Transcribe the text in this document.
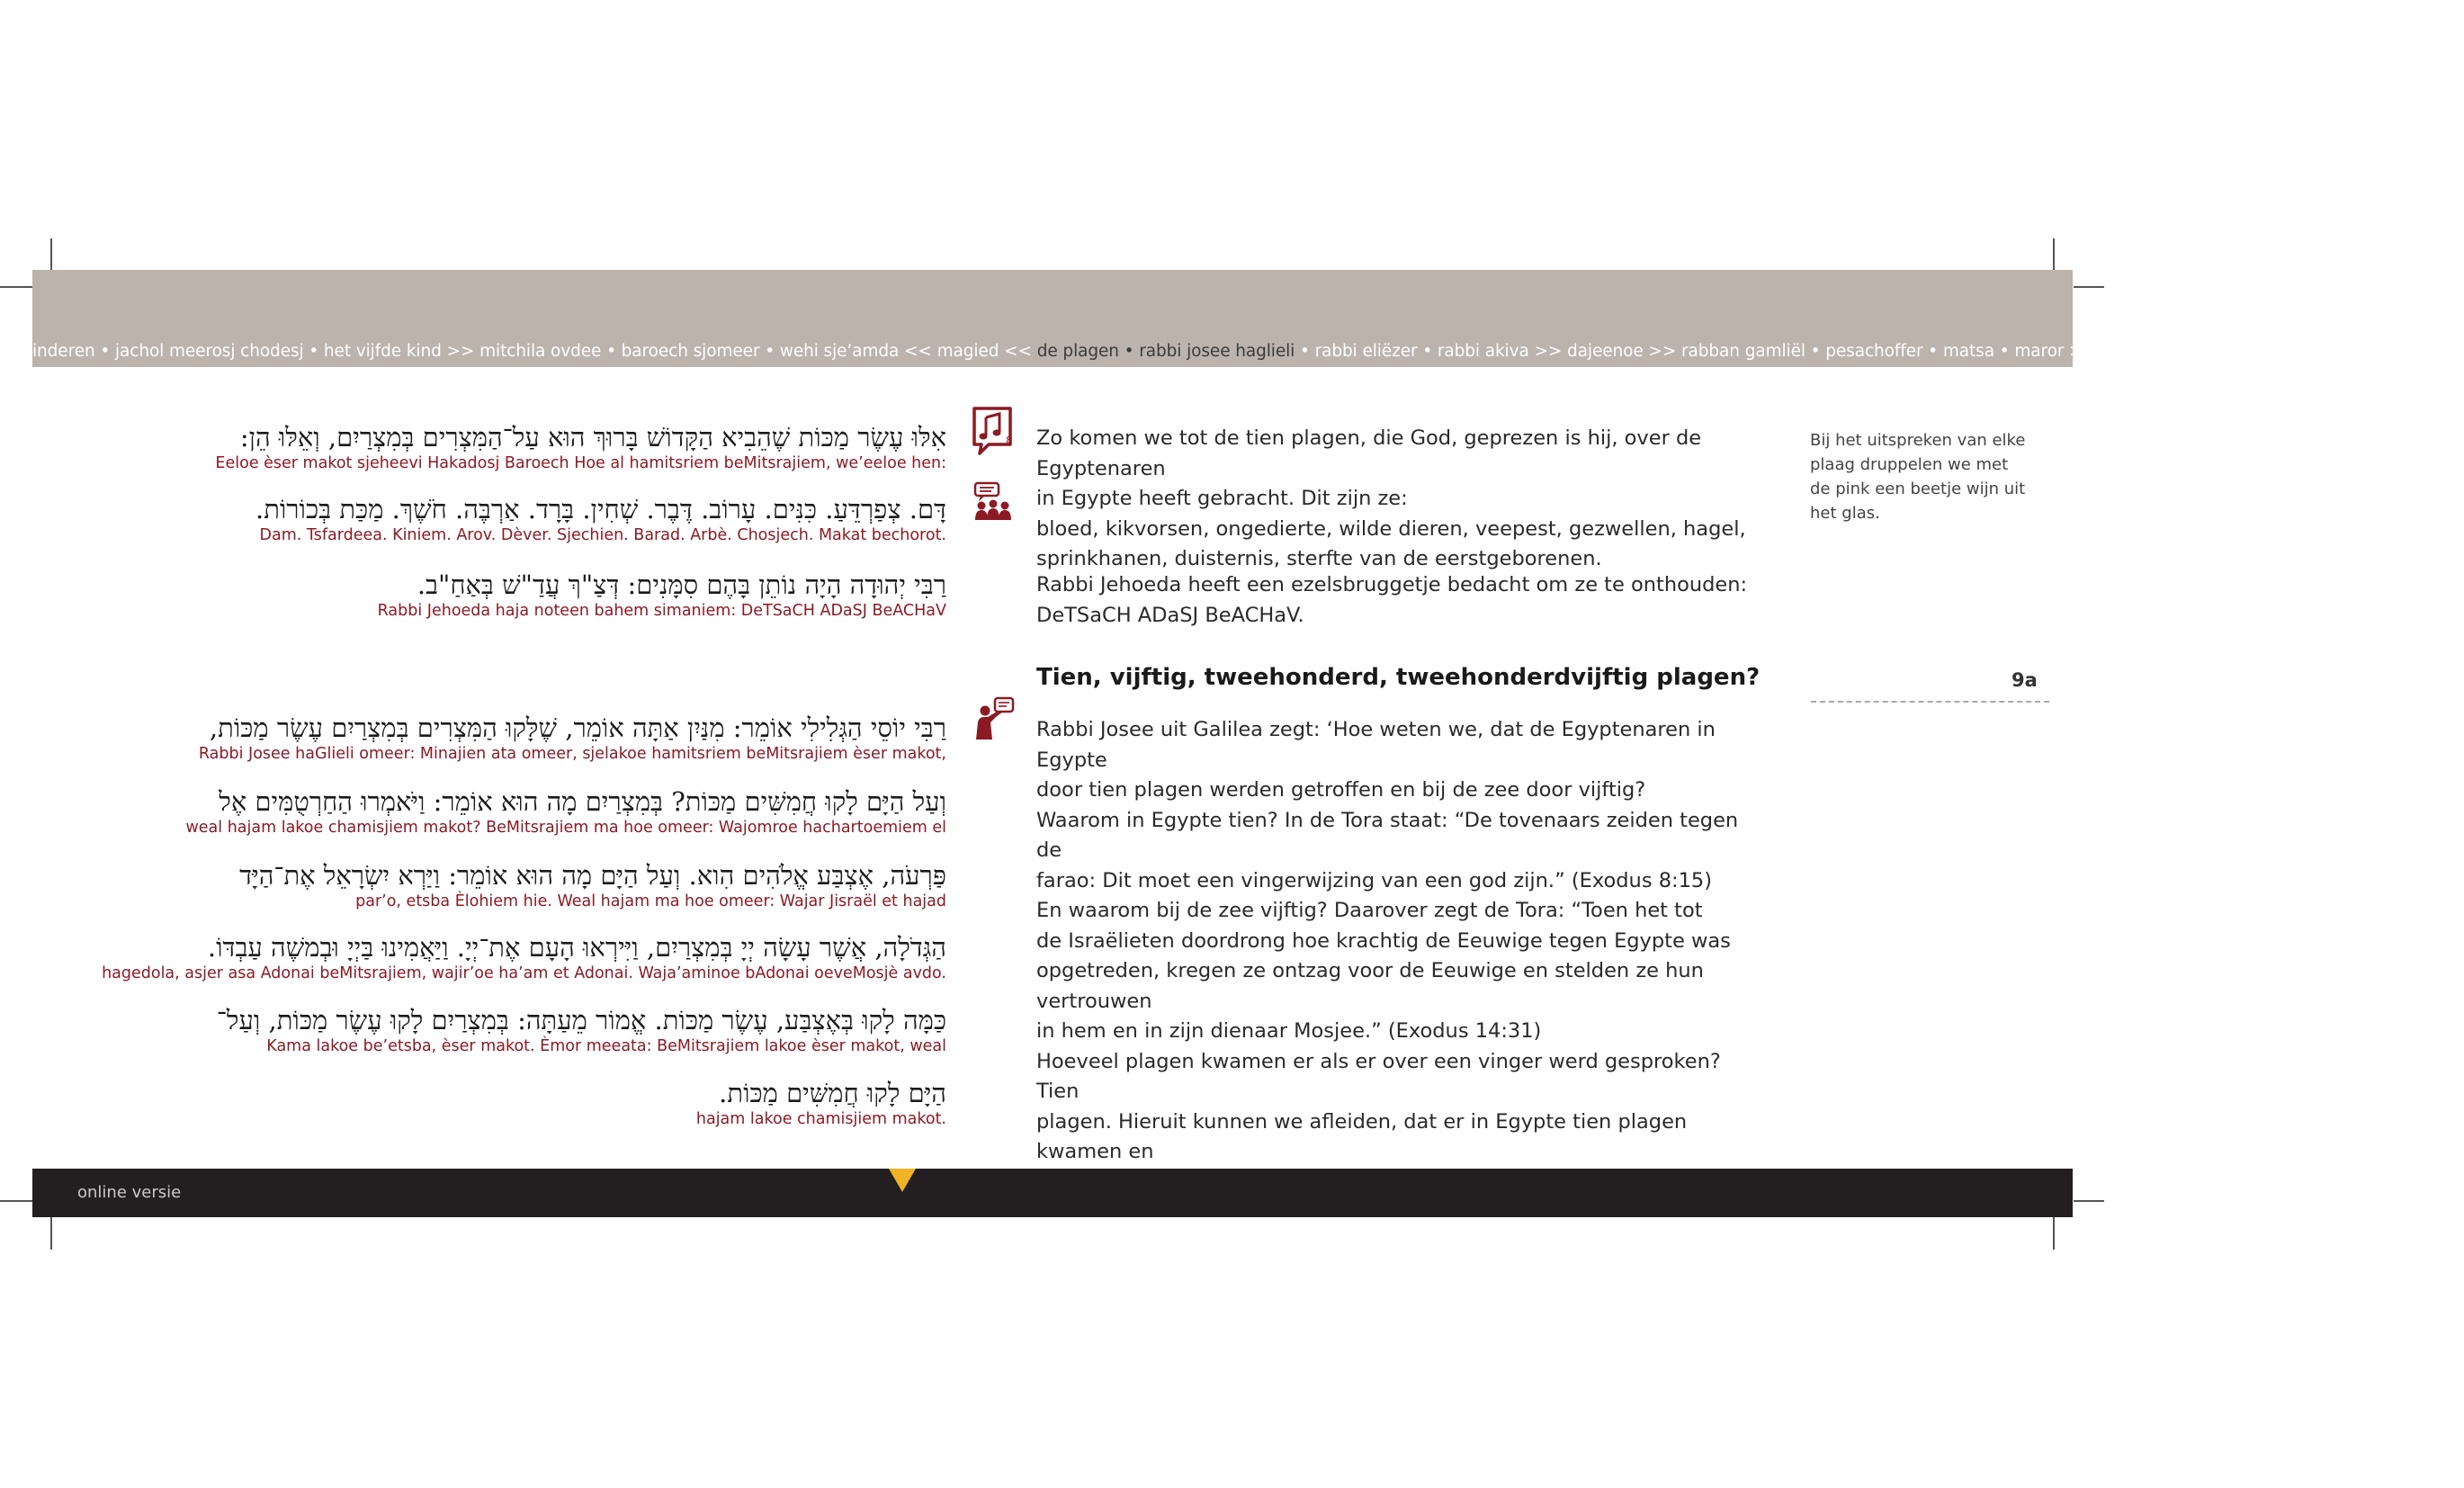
inderen • jachol meerosj chodesj • het vijfde kind >> mitchila ovdee • baroech sjomeer • wehi sje’amda << magied << de plagen • rabbi josee haglieli • rabbi eliëzer • rabbi akiva >> dajeenoe >> rabban gamliël • pesachoffer • matsa • maror >> bechol dor wador >> halleel deel 1 • psalm
אִלּוּ עֶשֶׂר מַכּוֹת שֶׁהֵבִיא הַקָּדוֹשׁ בָּרוּךְ הוּא עַל־הַמִּצְרִים בְּמִצְרַיִם, וְאֵלּוּ הֵן:
Eeloe èser makot sjeheevi Hakadosj Baroech Hoe al hamitsriem beMitsrajiem, we’eeloe hen:
דָּם. צְפַרְדֵּעַ. כִּנִּים. עָרוֹב. דֶּבֶר. שְׁחִין. בָּרָד. אַרְבֶּה. חֹשֶׁךְ. מַכַּת בְּכוֹרוֹת.
Dam. Tsfardeea. Kiniem. Arov. Dèver. Sjechien. Barad. Arbè. Chosjech. Makat bechorot.
רַבִּי יְהוּדָה הָיָה נוֹתֵן בָּהֶם סִמָּנִים: דְּצַ"ךְ עֲדַ"שׁ בְּאַחַ"ב.
Rabbi Jehoeda haja noteen bahem simaniem: DeTSaCH ADaSJ BeACHaV
רַבִּי יוֹסֵי הַגְּלִילִי אוֹמֵר: מִנַּיִן אַתָּה אוֹמֵר, שֶׁלָּקוּ הַמִּצְרִים בְּמִצְרַיִם עֶשֶׂר מַכּוֹת,
Rabbi Josee haGlieli omeer: Minajien ata omeer, sjelakoe hamitsriem beMitsrajiem èser makot,
וְעַל הַיָּם לָקוּ חֲמִשִּׁים מַכּוֹת? בְּמִצְרַיִם מָה הוּא אוֹמֵר: וַיֹּאמְרוּ הַחַרְטֻמִּים אֶל
weal hajam lakoe chamisjiem makot? BeMitsrajiem ma hoe omeer: Wajomroe hachartoemiem el
פַּרְעֹה, אֶצְבַּע אֱלֹהִים הִוא. וְעַל הַיָּם מָה הוּא אוֹמֵר: וַיַּרְא יִשְׂרָאֵל אֶת־הַיָּד
par’o, etsba Èlohiem hie. Weal hajam ma hoe omeer: Wajar Jisraël et hajad
הַגְּדֹלָה, אֲשֶׁר עָשָׂה יְיָ בְּמִצְרַיִם, וַיִּירְאוּ הָעָם אֶת־יְיָ. וַיַּאֲמִינוּ בַּיְיָ וּבְמשֶׁה עַבְדּוֹ.
hagedola, asjer asa Adonai beMitsrajiem, wajir’oe ha’am et Adonai. Waja’aminoe bAdonai oeveMosjè avdo.
כַּמָּה לָקוּ בְּאֶצְבַּע, עֶשֶׂר מַכּוֹת. אֱמוֹר מֵעַתָּה: בְּמִצְרַיִם לָקוּ עֶשֶׂר מַכּוֹת, וְעַל־
Kama lakoe be’etsba, èser makot. Èmor meeata: BeMitsrajiem lakoe èser makot, weal
הַיָּם לָקוּ חֲמִשִּׁים מַכּוֹת.
hajam lakoe chamisjiem makot.
8 Zo komen we tot de tien plagen, die God, geprezen is hij, over de Egyptenaren

in Egypte heeft gebracht. Dit zijn ze:

bloed, kikvorsen, ongedierte, wilde dieren, veepest, gezwellen, hagel,

sprinkhanen, duisternis, sterfte van de eerstgeborenen.

Rabbi Jehoeda heeft een ezelsbruggetje bedacht om ze te onthouden:

DeTSaCH ADaSJ BeACHaV.

Tien, vijftig, tweehonderd, tweehonderdvijftig plagen?	9a

Rabbi Josee uit Galilea zegt: ‘Hoe weten we, dat de Egyptenaren in Egypte

door tien plagen werden getroffen en bij de zee door vijftig?

Waarom in Egypte tien? In de Tora staat: “De tovenaars zeiden tegen de

farao: Dit moet een vingerwijzing van een god zijn.” (Exodus 8:15)

En waarom bij de zee vijftig? Daarover zegt de Tora: “Toen het tot

de Israëlieten doordrong hoe krachtig de Eeuwige tegen Egypte was

opgetreden, kregen ze ontzag voor de Eeuwige en stelden ze hun vertrouwen

in hem en in zijn dienaar Mosjee.” (Exodus 14:31)

Hoeveel plagen kwamen er als er over een vinger werd gesproken? Tien

plagen. Hieruit kunnen we afleiden, dat er in Egypte tien plagen kwamen en

Bij het uitspreken van elke plaag druppelen we met de pink een beetje wijn uit het glas.
online versie
